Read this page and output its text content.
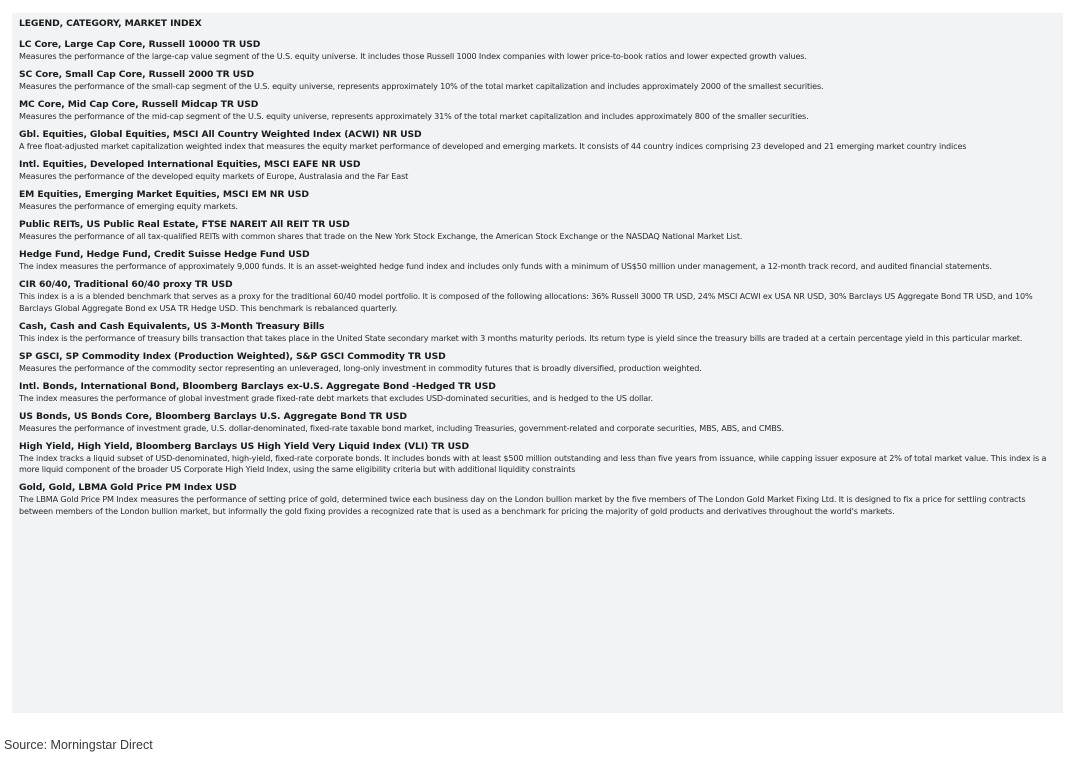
LEGEND, CATEGORY, MARKET INDEX
LC Core, Large Cap Core, Russell 10000 TR USD
Measures the performance of the large-cap value segment of the U.S. equity universe. It includes those Russell 1000 Index companies with lower price-to-book ratios and lower expected growth values.
SC Core, Small Cap Core, Russell 2000 TR USD
Measures the performance of the small-cap segment of the U.S. equity universe, represents approximately 10% of the total market capitalization and includes approximately 2000 of the smallest securities.
MC Core, Mid Cap Core, Russell Midcap TR USD
Measures the performance of the mid-cap segment of the U.S. equity universe, represents approximately 31% of the total market capitalization and includes approximately 800 of the smaller securities.
Gbl. Equities, Global Equities, MSCI All Country Weighted Index (ACWI) NR USD
A free float-adjusted market capitalization weighted index that measures the equity market performance of developed and emerging markets. It consists of 44 country indices comprising 23 developed and 21 emerging market country indices
Intl. Equities, Developed International Equities, MSCI EAFE NR USD
Measures the performance of the developed equity markets of Europe, Australasia and the Far East
EM Equities, Emerging Market Equities, MSCI EM NR USD
Measures the performance of emerging equity markets.
Public REITs, US Public Real Estate, FTSE NAREIT All REIT TR USD
Measures the performance of all tax-qualified REITs with common shares that trade on the New York Stock Exchange, the American Stock Exchange or the NASDAQ National Market List.
Hedge Fund, Hedge Fund, Credit Suisse Hedge Fund USD
The index measures the performance of approximately 9,000 funds. It is an asset-weighted hedge fund index and includes only funds with a minimum of US$50 million under management, a 12-month track record, and audited financial statements.
CIR 60/40, Traditional 60/40 proxy TR USD
This index is a is a blended benchmark that serves as a proxy for the traditional 60/40 model portfolio. It is composed of the following allocations: 36% Russell 3000 TR USD, 24% MSCI ACWI ex USA NR USD, 30% Barclays US Aggregate Bond TR USD, and 10% Barclays Global Aggregate Bond ex USA TR Hedge USD. This benchmark is rebalanced quarterly.
Cash, Cash and Cash Equivalents, US 3-Month Treasury Bills
This index is the performance of treasury bills transaction that takes place in the United State secondary market with 3 months maturity periods. Its return type is yield since the treasury bills are traded at a certain percentage yield in this particular market.
SP GSCI, SP Commodity Index (Production Weighted), S&P GSCI Commodity TR USD
Measures the performance of the commodity sector representing an unleveraged, long-only investment in commodity futures that is broadly diversified, production weighted.
Intl. Bonds, International Bond, Bloomberg Barclays ex-U.S. Aggregate Bond -Hedged TR USD
The index measures the performance of global investment grade fixed-rate debt markets that excludes USD-dominated securities, and is hedged to the US dollar.
US Bonds, US Bonds Core, Bloomberg Barclays U.S. Aggregate Bond TR USD
Measures the performance of investment grade, U.S. dollar-denominated, fixed-rate taxable bond market, including Treasuries, government-related and corporate securities, MBS, ABS, and CMBS.
High Yield, High Yield, Bloomberg Barclays US High Yield Very Liquid Index (VLI) TR USD
The index tracks a liquid subset of USD-denominated, high-yield, fixed-rate corporate bonds. It includes bonds with at least $500 million outstanding and less than five years from issuance, while capping issuer exposure at 2% of total market value. This index is a more liquid component of the broader US Corporate High Yield Index, using the same eligibility criteria but with additional liquidity constraints
Gold, Gold, LBMA Gold Price PM Index USD
The LBMA Gold Price PM Index measures the performance of setting price of gold, determined twice each business day on the London bullion market by the five members of The London Gold Market Fixing Ltd. It is designed to fix a price for settling contracts between members of the London bullion market, but informally the gold fixing provides a recognized rate that is used as a benchmark for pricing the majority of gold products and derivatives throughout the world's markets.
Source: Morningstar Direct
